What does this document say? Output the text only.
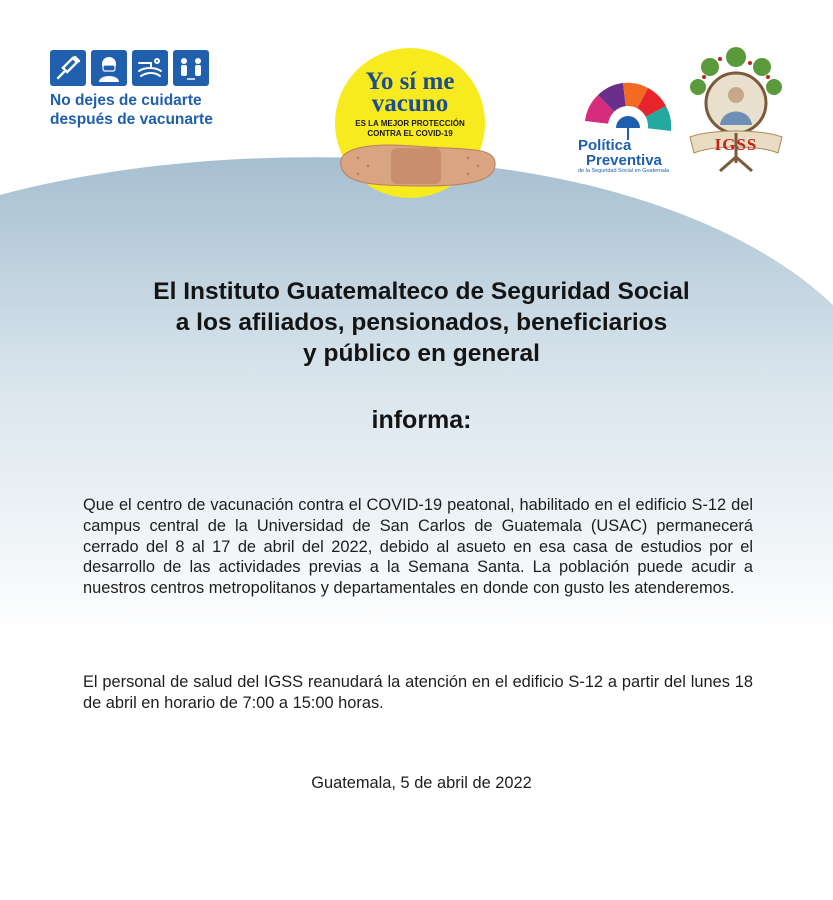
No dejes de cuidarte
después de vacunarte
Yo sí me
vacuno
ES LA MEJOR PROTECCIÓN
CONTRA EL COVID-19
Política
Preventiva
de la Seguridad Social en Guatemala
IGSS
El Instituto Guatemalteco de Seguridad Social
a los afiliados, pensionados, beneficiarios
y público en general
informa:
Que el centro de vacunación contra el COVID-19 peatonal, habilitado en el edificio S-12 del campus central de la Universidad de San Carlos de Guatemala (USAC) permanecerá cerrado del 8 al 17 de abril del 2022, debido al asueto en esa casa de estudios por el desarrollo de las actividades previas a la Semana Santa. La población puede acudir a nuestros centros metropolitanos y departamentales en donde con gusto les atenderemos.
El personal de salud del IGSS reanudará la atención en el edificio S-12 a partir del lunes 18 de abril en horario de 7:00 a 15:00 horas.
Guatemala, 5 de abril de 2022
